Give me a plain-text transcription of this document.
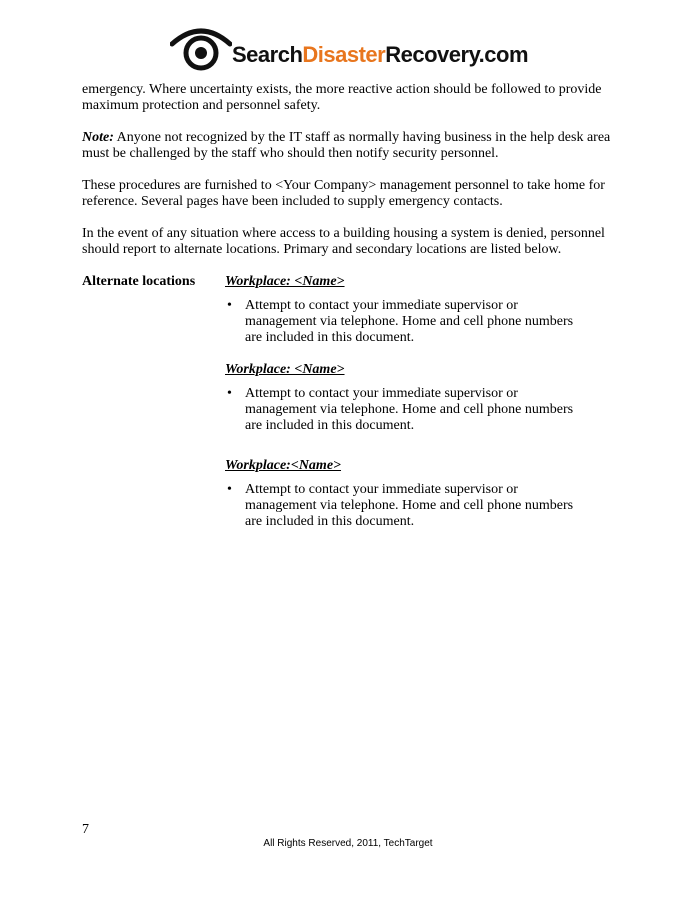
SearchDisasterRecovery.com

emergency. Where uncertainty exists, the more reactive action should be followed to provide maximum protection and personnel safety.

Note: Anyone not recognized by the IT staff as normally having business in the help desk area must be challenged by the staff who should then notify security personnel.

These procedures are furnished to <Your Company> management personnel to take home for reference. Several pages have been included to supply emergency contacts.

In the event of any situation where access to a building housing a system is denied, personnel should report to alternate locations. Primary and secondary locations are listed below.

Alternate locations Workplace: <Name>
• Attempt to contact your immediate supervisor or management via telephone. Home and cell phone numbers are included in this document.
Workplace: <Name>
• Attempt to contact your immediate supervisor or management via telephone. Home and cell phone numbers are included in this document.
Workplace:<Name>
• Attempt to contact your immediate supervisor or management via telephone. Home and cell phone numbers are included in this document.
7
All Rights Reserved, 2011, TechTarget
